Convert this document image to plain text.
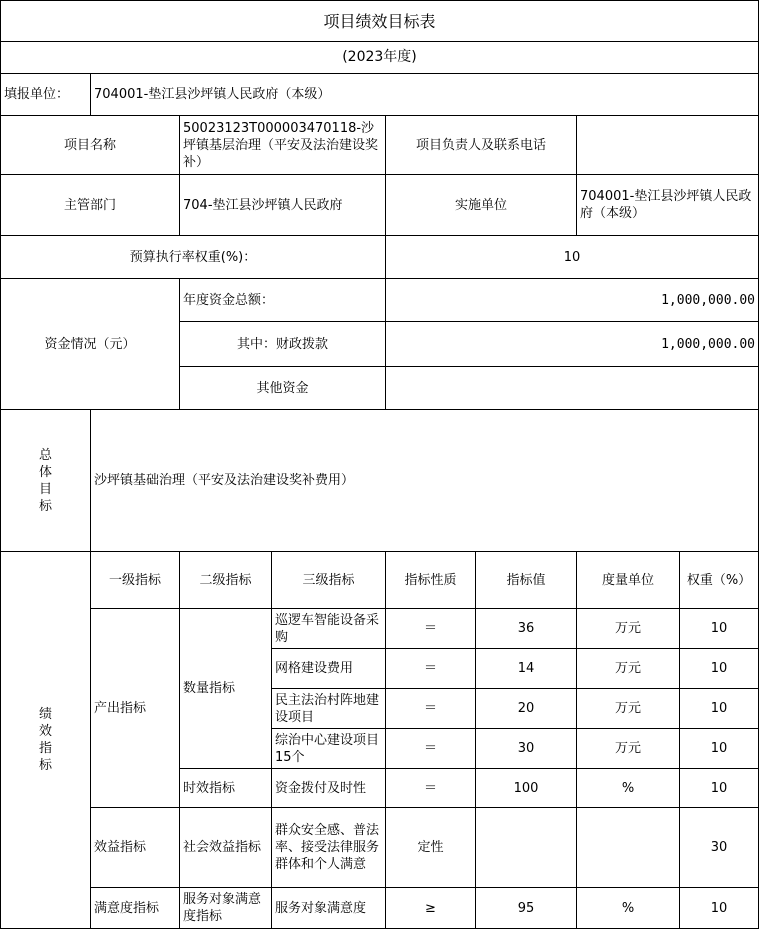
项目绩效目标表							
(2023年度)							
填报单位：	704001-垫江县沙坪镇人民政府（本级）						
项目名称		50023123T000003470118-沙坪镇基层治理（平安及法治建设奖补）		项目负责人及联系电话			
主管部门		704-垫江县沙坪镇人民政府		实施单位		704001-垫江县沙坪镇人民政府（本级）	
预算执行率权重(%)：				10			
资金情况（元）		年度资金总额：		1,000,000.00			
		其中：财政拨款		1,000,000.00			
		其他资金					

总体目标	沙坪镇基础治理（平安及法治建设奖补费用）						

绩效指标	一级指标	二级指标	三级指标	指标性质	指标值	度量单位	权重（%）
	产出指标	数量指标	巡逻车智能设备采购	＝	36	万元	10
			网格建设费用	＝	14	万元	10
			民主法治村阵地建设项目	＝	20	万元	10
			综治中心建设项目15个	＝	30	万元	10
		时效指标	资金拨付及时性	＝	100	%	10
	效益指标	社会效益指标	群众安全感、普法率、接受法律服务群体和个人满意	定性			30
	满意度指标	服务对象满意度指标	服务对象满意度	≥	95	%	10
